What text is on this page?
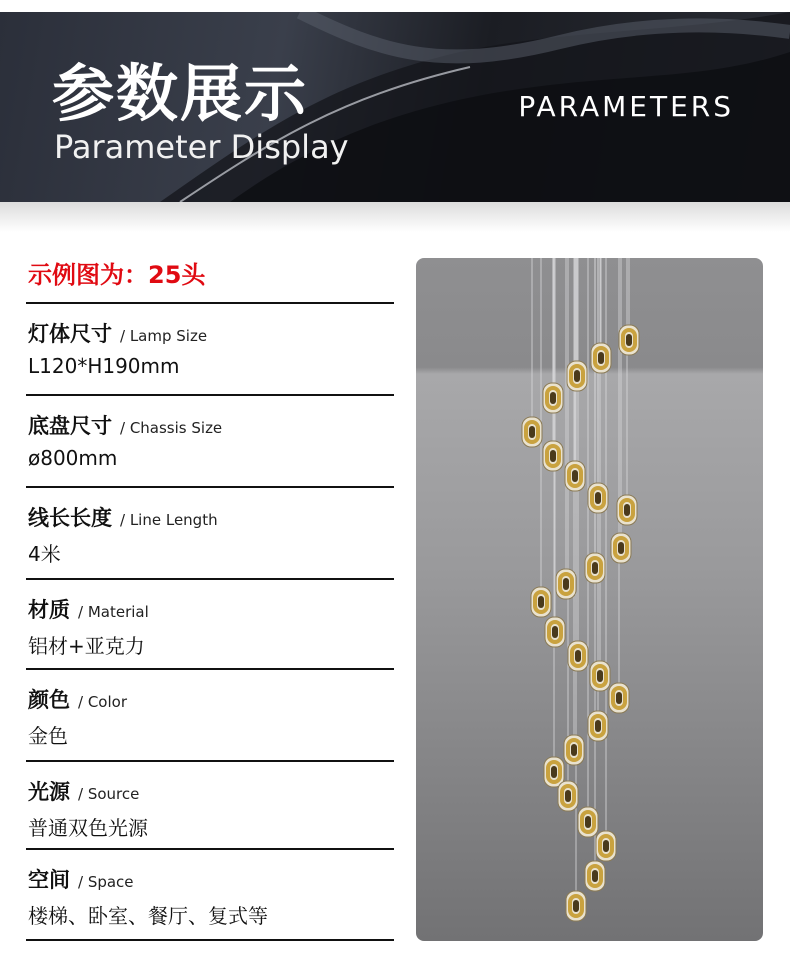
参数展示
Parameter Display
PARAMETERS
示例图为：25头
灯体尺寸 / Lamp Size
L120*H190mm
底盘尺寸 / Chassis Size
ø800mm
线长长度 / Line Length
4米
材质 / Material
铝材+亚克力
颜色 / Color
金色
光源 / Source
普通双色光源
空间 / Space
楼梯、卧室、餐厅、复式等
